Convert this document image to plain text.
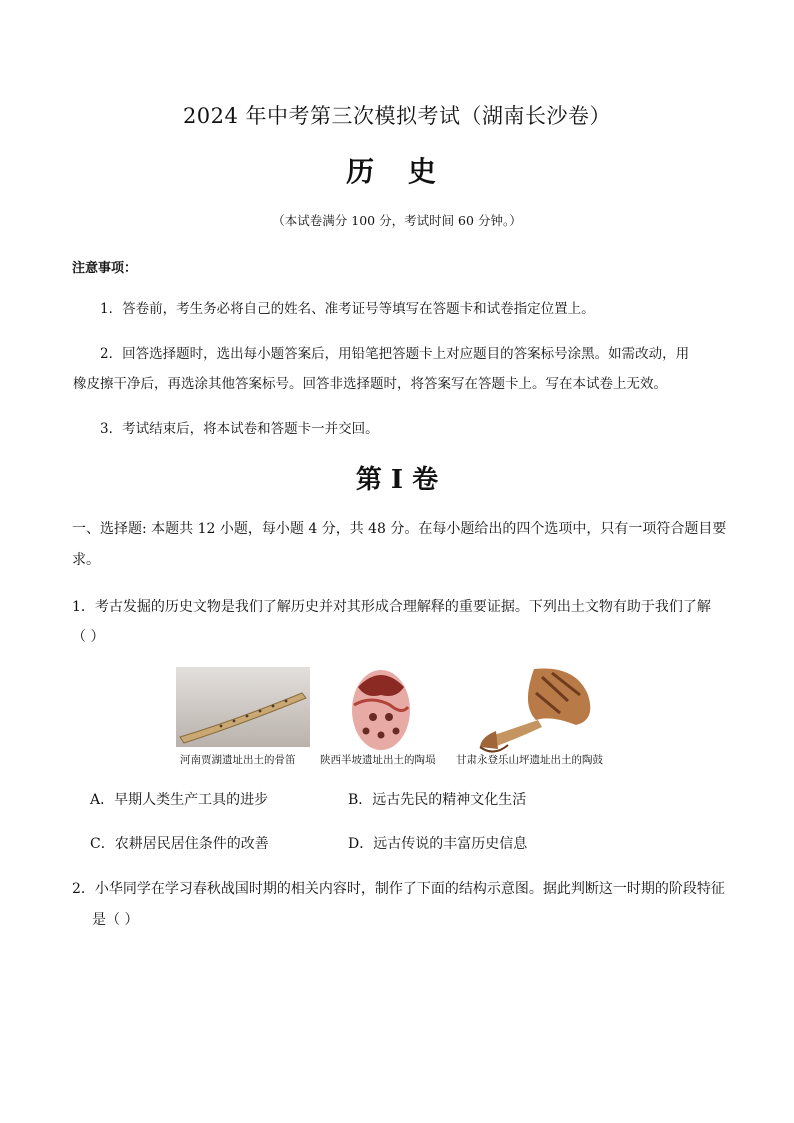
2024 年中考第三次模拟考试（湖南长沙卷）
历 史
（本试卷满分 100 分，考试时间 60 分钟。）
注意事项：
1．答卷前，考生务必将自己的姓名、准考证号等填写在答题卡和试卷指定位置上。
2．回答选择题时，选出每小题答案后，用铅笔把答题卡上对应题目的答案标号涂黑。如需改动，用
橡皮擦干净后，再选涂其他答案标号。回答非选择题时，将答案写在答题卡上。写在本试卷上无效。
3．考试结束后，将本试卷和答题卡一并交回。
第 I 卷
一、选择题: 本题共 12 小题，每小题 4 分，共 48 分。在每小题给出的四个选项中，只有一项符合题目要
求。
1．考古发掘的历史文物是我们了解历史并对其形成合理解释的重要证据。下列出土文物有助于我们了解
（ ）
河南贾湖遗址出土的骨笛 陕西半坡遗址出土的陶埙 甘肃永登乐山坪遗址出土的陶鼓
A．早期人类生产工具的进步	B．远古先民的精神文化生活
C．农耕居民居住条件的改善	D．远古传说的丰富历史信息
2．小华同学在学习春秋战国时期的相关内容时，制作了下面的结构示意图。据此判断这一时期的阶段特征
是（ ）
